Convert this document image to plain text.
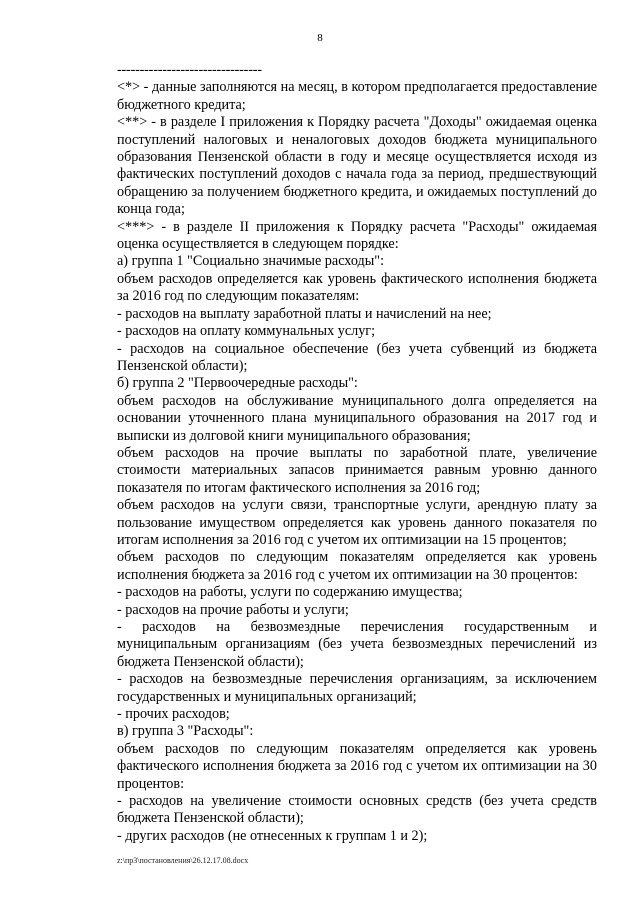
8
--------------------------------

<*> - данные заполняются на месяц, в котором предполагается предоставление бюджетного кредита;

<**> - в разделе I приложения к Порядку расчета "Доходы" ожидаемая оценка поступлений налоговых и неналоговых доходов бюджета муниципального образования Пензенской области в году и месяце осуществляется исходя из фактических поступлений доходов с начала года за период, предшествующий обращению за получением бюджетного кредита, и ожидаемых поступлений до конца года;

<***> - в разделе II приложения к Порядку расчета "Расходы" ожидаемая оценка осуществляется в следующем порядке:

а) группа 1 "Социально значимые расходы":

объем расходов определяется как уровень фактического исполнения бюджета за 2016 год по следующим показателям:

- расходов на выплату заработной платы и начислений на нее;

- расходов на оплату коммунальных услуг;

- расходов на социальное обеспечение (без учета субвенций из бюджета Пензенской области);

б) группа 2 "Первоочередные расходы":

объем расходов на обслуживание муниципального долга определяется на основании уточненного плана муниципального образования на 2017 год и выписки из долговой книги муниципального образования;

объем расходов на прочие выплаты по заработной плате, увеличение стоимости материальных запасов принимается равным уровню данного показателя по итогам фактического исполнения за 2016 год;

объем расходов на услуги связи, транспортные услуги, арендную плату за пользование имуществом определяется как уровень данного показателя по итогам исполнения за 2016 год с учетом их оптимизации на 15 процентов;

объем расходов по следующим показателям определяется как уровень исполнения бюджета за 2016 год с учетом их оптимизации на 30 процентов:

- расходов на работы, услуги по содержанию имущества;

- расходов на прочие работы и услуги;

- расходов на безвозмездные перечисления государственным и муниципальным организациям (без учета безвозмездных перечислений из бюджета Пензенской области);

- расходов на безвозмездные перечисления организациям, за исключением государственных и муниципальных организаций;

- прочих расходов;

в) группа 3 "Расходы":

объем расходов по следующим показателям определяется как уровень фактического исполнения бюджета за 2016 год с учетом их оптимизации на 30 процентов:

- расходов на увеличение стоимости основных средств (без учета средств бюджета Пензенской области);

- других расходов (не отнесенных к группам 1 и 2);

z:\пр3\постановления\26.12.17.08.docx
